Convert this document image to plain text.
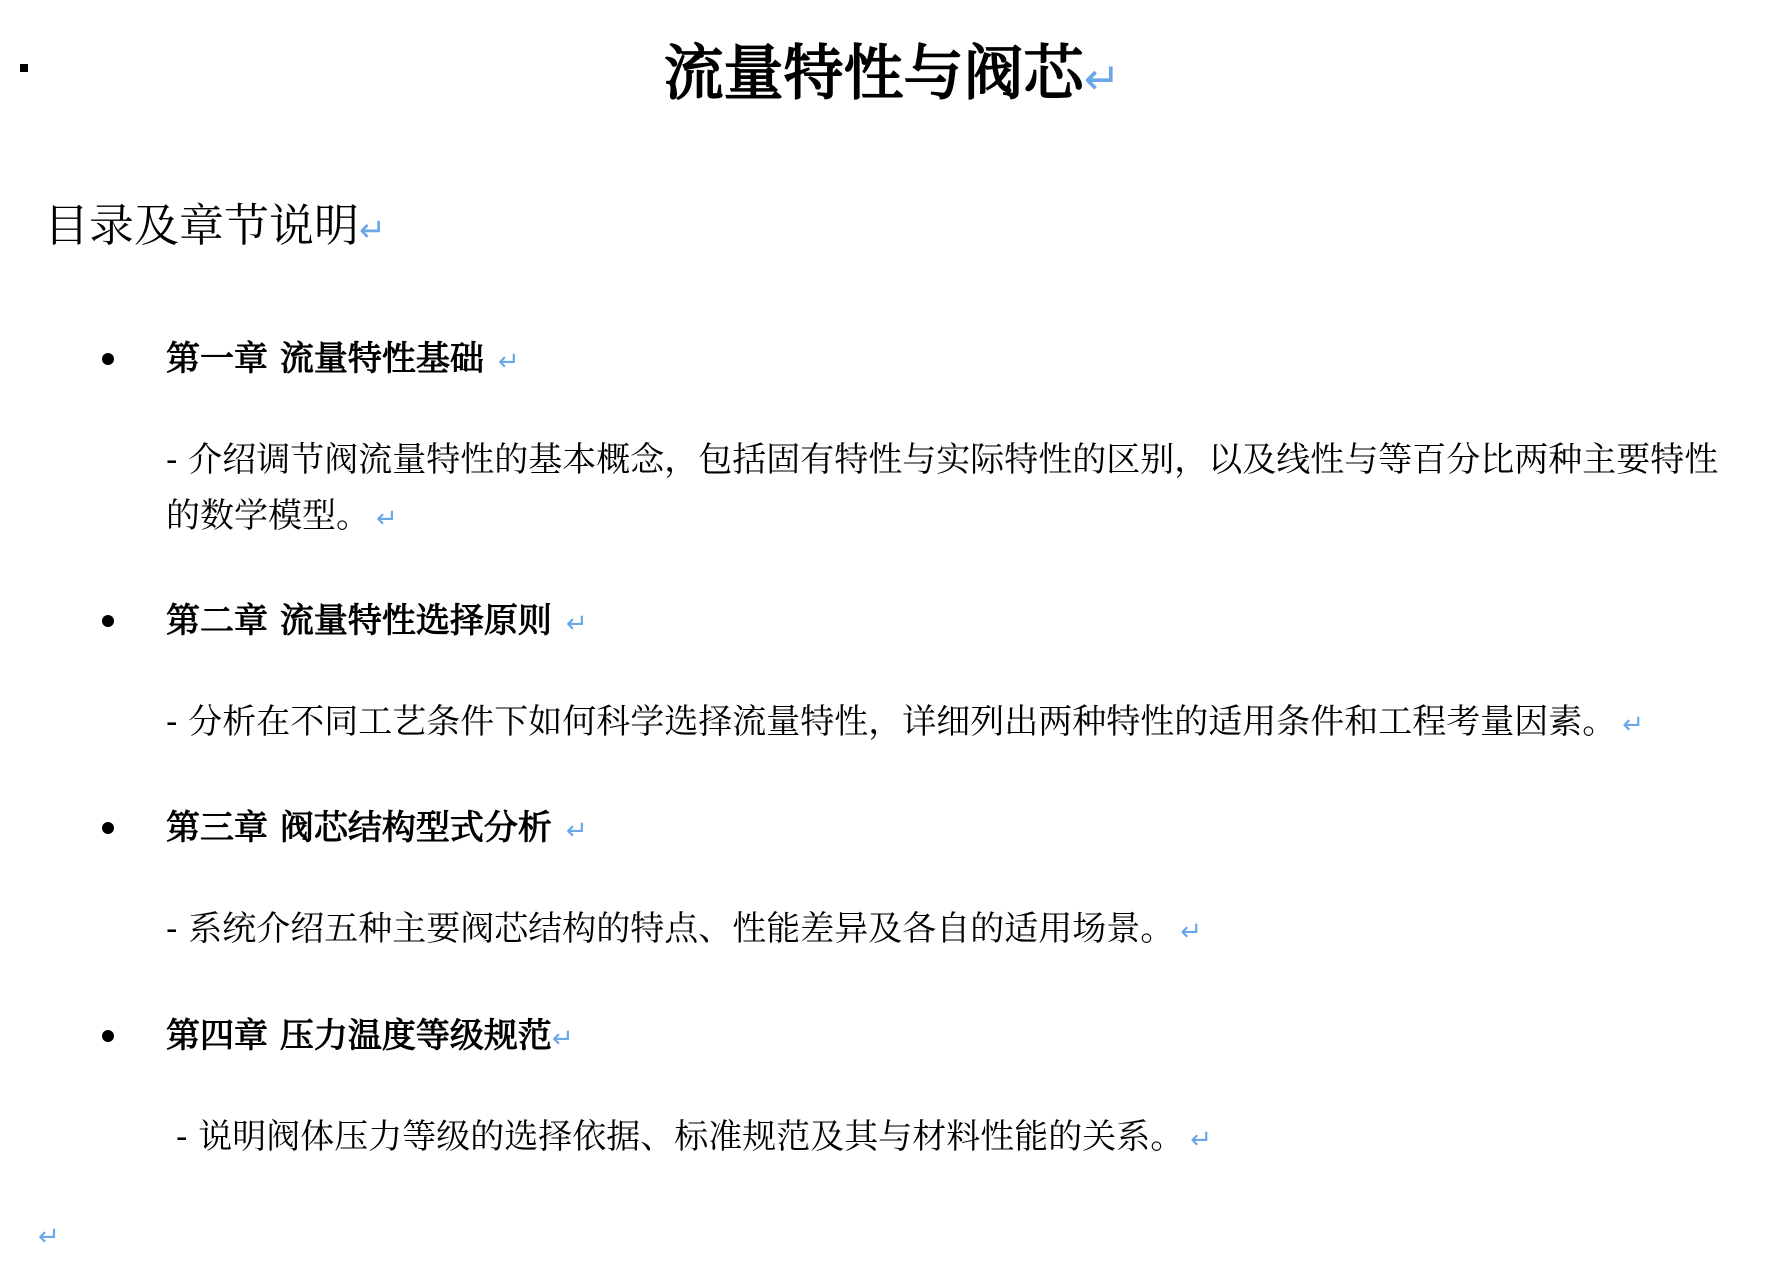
流量特性与阀芯↵
目录及章节说明↵
第一章 流量特性基础 ↵
- 介绍调节阀流量特性的基本概念，包括固有特性与实际特性的区别，以及线性与等百分比两种主要特性的数学模型。 ↵
第二章 流量特性选择原则 ↵
- 分析在不同工艺条件下如何科学选择流量特性，详细列出两种特性的适用条件和工程考量因素。 ↵
第三章 阀芯结构型式分析 ↵
- 系统介绍五种主要阀芯结构的特点、性能差异及各自的适用场景。 ↵
第四章 压力温度等级规范↵
- 说明阀体压力等级的选择依据、标准规范及其与材料性能的关系。 ↵
↵
